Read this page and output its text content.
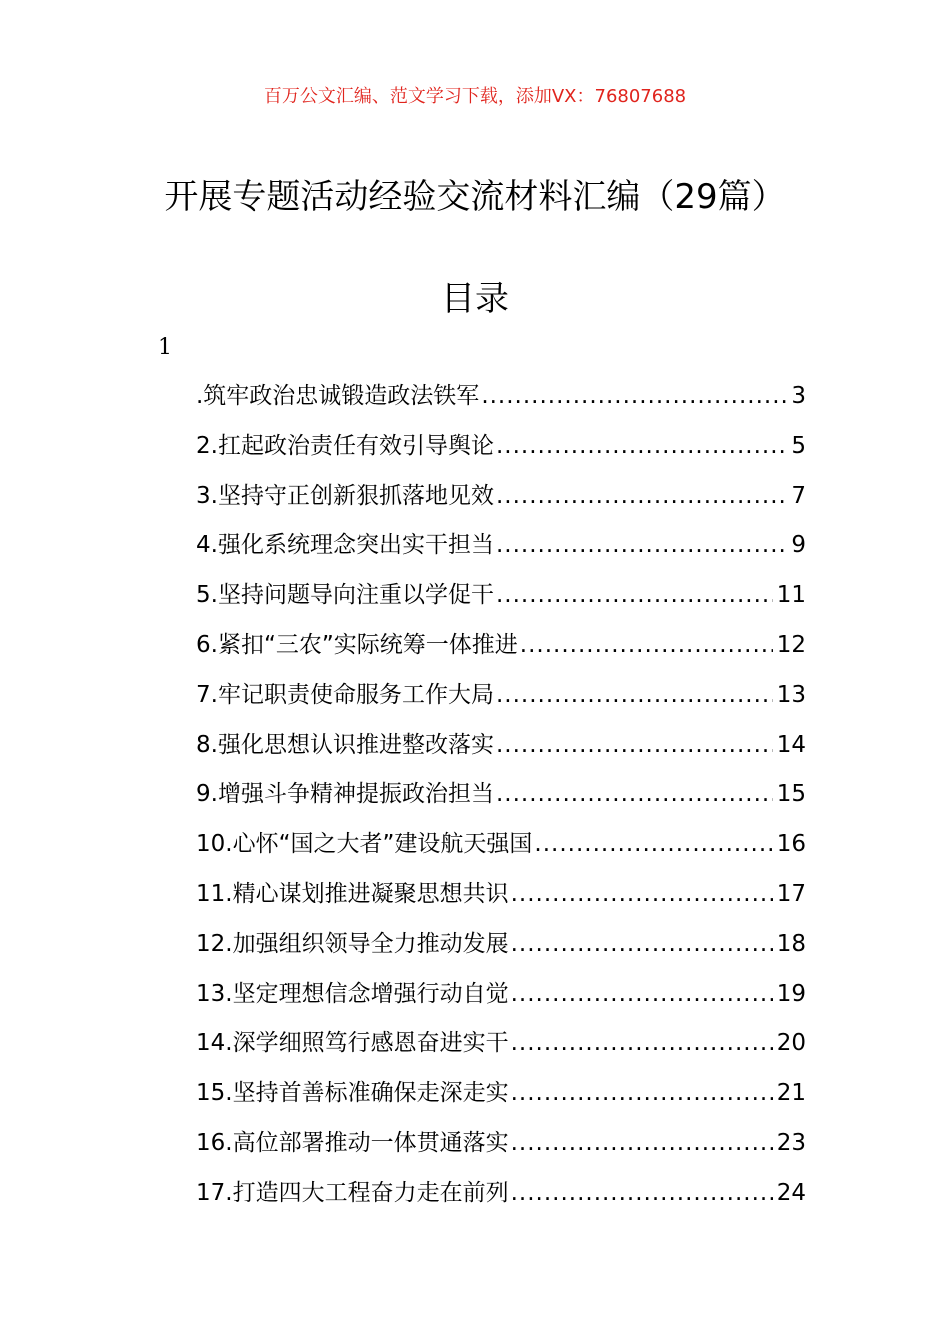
百万公文汇编、范文学习下载，添加VX：76807688
开展专题活动经验交流材料汇编（29篇）
目录
1
.筑牢政治忠诚锻造政法铁军 .....	3
2.扛起政治责任有效引导舆论 .....	5
3.坚持守正创新狠抓落地见效 .....	7
4.强化系统理念突出实干担当 .....	9
5.坚持问题导向注重以学促干 .....	11
6.紧扣“三农”实际统筹一体推进 .....	12
7.牢记职责使命服务工作大局 .....	13
8.强化思想认识推进整改落实 .....	14
9.增强斗争精神提振政治担当 .....	15
10.心怀“国之大者”建设航天强国 .....	16
11.精心谋划推进凝聚思想共识 .....	17
12.加强组织领导全力推动发展 .....	18
13.坚定理想信念增强行动自觉 .....	19
14.深学细照笃行感恩奋进实干 .....	20
15.坚持首善标准确保走深走实 .....	21
16.高位部署推动一体贯通落实 .....	23
17.打造四大工程奋力走在前列 .....	24
